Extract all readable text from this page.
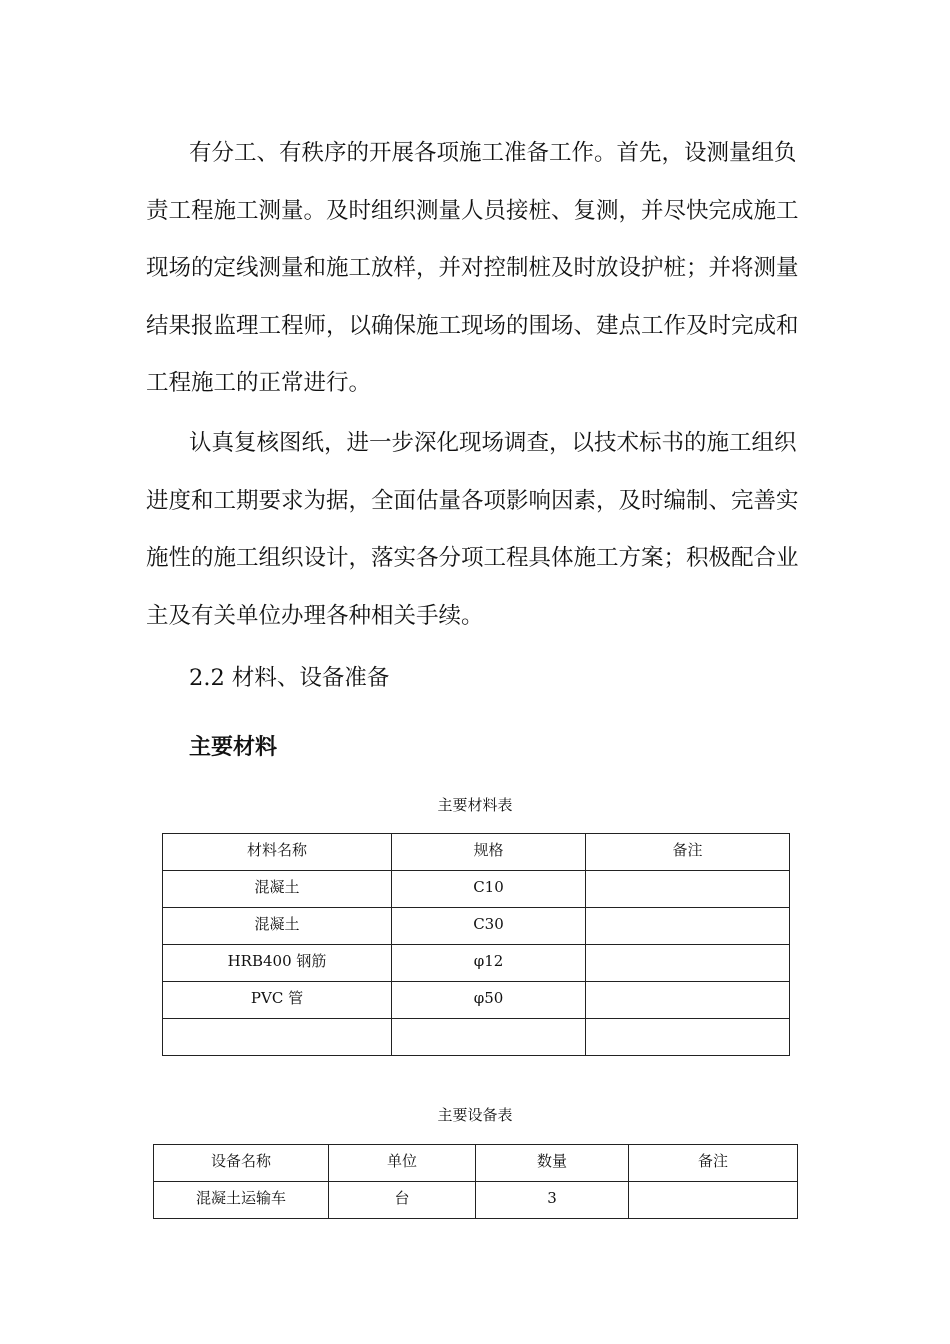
有分工、有秩序的开展各项施工准备工作。首先，设测量组负
责工程施工测量。及时组织测量人员接桩、复测，并尽快完成施工
现场的定线测量和施工放样，并对控制桩及时放设护桩；并将测量
结果报监理工程师，以确保施工现场的围场、建点工作及时完成和
工程施工的正常进行。
认真复核图纸，进一步深化现场调查，以技术标书的施工组织
进度和工期要求为据，全面估量各项影响因素，及时编制、完善实
施性的施工组织设计，落实各分项工程具体施工方案；积极配合业
主及有关单位办理各种相关手续。
2.2 材料、设备准备
主要材料
主要材料表
材料名称	规格	备注
混凝土	C10	
混凝土	C30	
HRB400 钢筋	φ12	
PVC 管	φ50	

主要设备表
设备名称	单位	数量	备注
混凝土运输车	台	3	
